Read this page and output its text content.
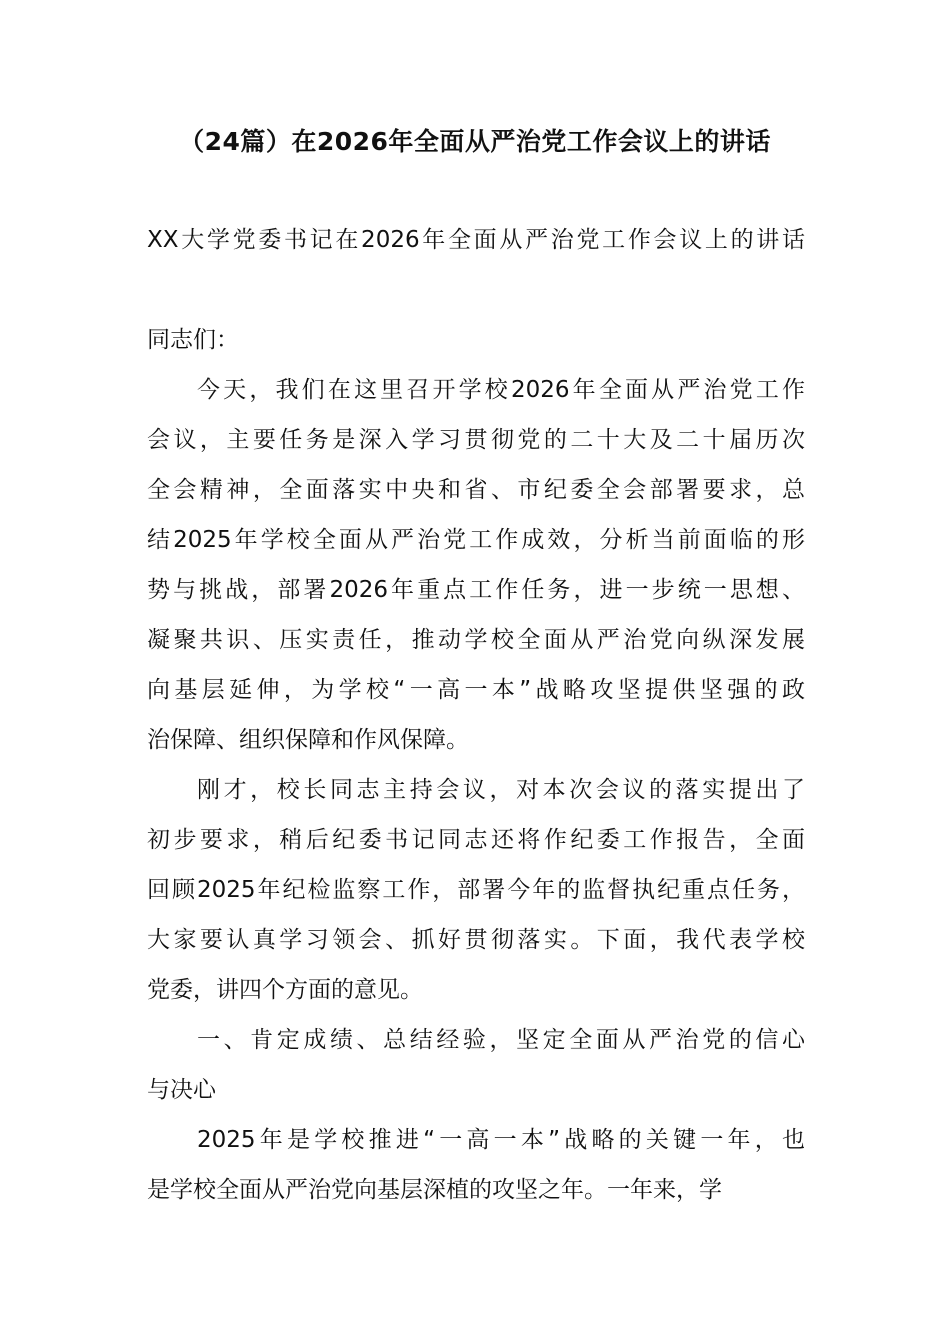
（24篇）在2026年全面从严治党工作会议上的讲话
XX大学党委书记在2026年全面从严治党工作会议上的讲话
同志们：
今天，我们在这里召开学校2026年全面从严治党工作
会议，主要任务是深入学习贯彻党的二十大及二十届历次
全会精神，全面落实中央和省、市纪委全会部署要求，总
结2025年学校全面从严治党工作成效，分析当前面临的形
势与挑战，部署2026年重点工作任务，进一步统一思想、
凝聚共识、压实责任，推动学校全面从严治党向纵深发展
向基层延伸，为学校“一高一本”战略攻坚提供坚强的政
治保障、组织保障和作风保障。
刚才，校长同志主持会议，对本次会议的落实提出了
初步要求，稍后纪委书记同志还将作纪委工作报告，全面
回顾2025年纪检监察工作，部署今年的监督执纪重点任务，
大家要认真学习领会、抓好贯彻落实。下面，我代表学校
党委，讲四个方面的意见。
一、肯定成绩、总结经验，坚定全面从严治党的信心
与决心
2025年是学校推进“一高一本”战略的关键一年，也
是学校全面从严治党向基层深植的攻坚之年。一年来，学
